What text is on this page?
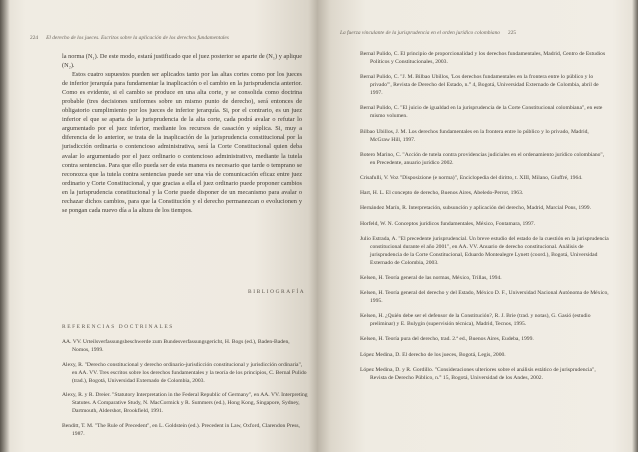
224 El derecho de los jueces. Escritos sobre la aplicación de los derechos fundamentales
La fuerza vinculante de la jurisprudencia en el orden jurídico colombiano 225

la norma (N₁). De este modo, estará justificado que el juez posterior se aparte de (N₁) y aplique (N₂).

Estos cuatro supuestos pueden ser aplicados tanto por las altas cortes como por los jueces de inferior jerarquía para fundamentar la inaplicación o el cambio en la jurisprudencia anterior. Como es evidente, si el cambio se produce en una alta corte, y se consolida como doctrina probable (tres decisiones uniformes sobre un mismo punto de derecho), será entonces de obligatorio cumplimiento por los jueces de inferior jerarquía. Si, por el contrario, es un juez inferior el que se aparta de la jurisprudencia de la alta corte, cada podrá avalar o refutar lo argumentado por el juez inferior, mediante los recursos de casación y súplica. Si, muy a diferencia de lo anterior, se trata de la inaplicación de la jurisprudencia constitucional por la jurisdicción ordinaria o contencioso administrativa, será la Corte Constitucional quien deba avalar lo argumentado por el juez ordinario o contencioso administrativo, mediante la tutela contra sentencias. Para que ello pueda ser de esta manera es necesario que tarde o temprano se reconozca que la tutela contra sentencias puede ser una vía de comunicación eficaz entre juez ordinario y Corte Constitucional, y que gracias a ella el juez ordinario puede proponer cambios en la jurisprudencia constitucional y la Corte puede disponer de un mecanismo para avalar o rechazar dichos cambios, para que la Constitución y el derecho permanezcan o evolucionen y se pongan cada nuevo día a la altura de los tiempos.

BIBLIOGRAFÍA
REFERENCIAS DOCTRINALES
AA. VV. Urteilsverfassungsbeschwerde zum Bundesverfassungsgericht, H. Bogs (ed.), Baden-Baden, Nomos, 1999.
Alexy, R. "Derecho constitucional y derecho ordinario-jurisdicción constitucional y jurisdicción ordinaria", en AA. VV. Tres escritos sobre los derechos fundamentales y la teoría de los principios, C. Bernal Pulido (trad.), Bogotá, Universidad Externado de Colombia, 2003.
Alexy, R. y R. Dreier. "Statutory Interpretation in the Federal Republic of Germany", en AA. VV. Interpreting Statutes. A Comparative Study, N. MacCormick y R. Summers (ed.), Hong Kong, Singapore, Sydney, Dartmouth, Aldershot, Brookfield, 1991.
Benditt, T. M. "The Rule of Precedent", en L. Goldstein (ed.). Precedent in Law, Oxford, Clarendon Press, 1987.
Bernal Pulido, C. El principio de proporcionalidad y los derechos fundamentales, Madrid, Centro de Estudios Políticos y Constitucionales, 2003.
Bernal Pulido, C. "J. M. Bilbao Ubillos, 'Los derechos fundamentales en la frontera entre lo público y lo privado'", Revista de Derecho del Estado, n.° 4, Bogotá, Universidad Externado de Colombia, abril de 1997.
Bernal Pulido, C. "El juicio de igualdad en la jurisprudencia de la Corte Constitucional colombiana", en este mismo volumen.
Bilbao Ubillos, J. M. Los derechos fundamentales en la frontera entre lo público y lo privado, Madrid, McGraw Hill, 1997.
Botero Marino, C. "Acción de tutela contra providencias judiciales en el ordenamiento jurídico colombiano", en Precedente, anuario jurídico 2002.
Crisafulli, V. Voz "Disposizione (e norma)", Enciclopedia del diritto, t. XIII, Milano, Giuffré, 1964.
Hart, H. L. El concepto de derecho, Buenos Aires, Abeledo-Perrot, 1963.
Hernández Marín, R. Interpretación, subsunción y aplicación del derecho, Madrid, Marcial Pons, 1999.
Horfeld, W. N. Conceptos jurídicos fundamentales, México, Fontamara, 1997.
Julio Estrada, A. "El precedente jurisprudencial. Un breve estudio del estado de la cuestión en la jurisprudencia constitucional durante el año 2001", en AA. VV. Anuario de derecho constitucional. Análisis de jurisprudencia de la Corte Constitucional, Eduardo Montealegre Lynett (coord.), Bogotá, Universidad Externado de Colombia, 2003.
Kelsen, H. Teoría general de las normas, México, Trillas, 1994.
Kelsen, H. Teoría general del derecho y del Estado, México D. F., Universidad Nacional Autónoma de México, 1995.
Kelsen, H. ¿Quién debe ser el defensor de la Constitución?, R. J. Brie (trad. y notas), G. Gasió (estudio preliminar) y E. Bulygin (supervisión técnica), Madrid, Tecnos, 1995.
Kelsen, H. Teoría pura del derecho, trad. 2.ª ed., Buenos Aires, Eudeba, 1999.
López Medina, D. El derecho de los jueces, Bogotá, Legis, 2000.
López Medina, D. y R. Gordillo. "Consideraciones ulteriores sobre el análisis estático de jurisprudencia", Revista de Derecho Público, n.° 15, Bogotá, Universidad de los Andes, 2002.
